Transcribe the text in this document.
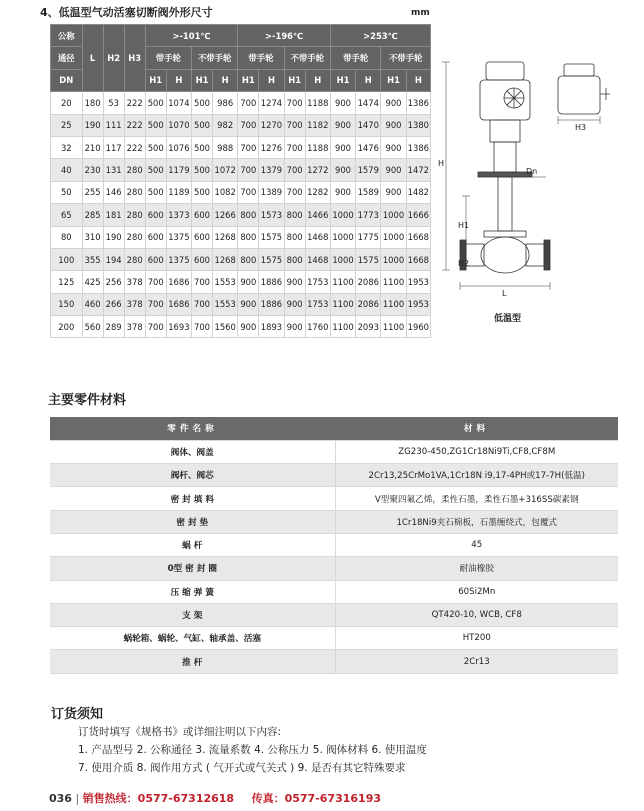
4、低温型气动活塞切断阀外形尺寸	mm
公称	L	H2	H3	>-101℃				>-196℃				>253℃			
通径				带手轮		不带手轮		带手轮		不带手轮		带手轮		不带手轮	
DN				H1	H	H1	H	H1	H	H1	H	H1	H	H1	H
20	180	53	222	500	1074	500	986	700	1274	700	1188	900	1474	900	1386
25	190	111	222	500	1070	500	982	700	1270	700	1182	900	1470	900	1380
32	210	117	222	500	1076	500	988	700	1276	700	1188	900	1476	900	1386
40	230	131	280	500	1179	500	1072	700	1379	700	1272	900	1579	900	1472
50	255	146	280	500	1189	500	1082	700	1389	700	1282	900	1589	900	1482
65	285	181	280	600	1373	600	1266	800	1573	800	1466	1000	1773	1000	1666
80	310	190	280	600	1375	600	1268	800	1575	800	1468	1000	1775	1000	1668
100	355	194	280	600	1375	600	1268	800	1575	800	1468	1000	1575	1000	1668
125	425	256	378	700	1686	700	1553	900	1886	900	1753	1100	2086	1100	1953
150	460	266	378	700	1686	700	1553	900	1886	900	1753	1100	2086	1100	1953
200	560	289	378	700	1693	700	1560	900	1893	900	1760	1100	2093	1100	1960
H
H1
H2
H3
Dn
L
低温型
主要零件材料
零件名称	材料
阀体、阀盖	ZG230-450,ZG1Cr18Ni9Ti,CF8,CF8M
阀杆、阀芯	2Cr13,25CrMo1VA,1Cr18N i9,17-4PH或17-7H(低温)
密 封 填 料	V型聚四氟乙烯，柔性石墨，柔性石墨+316SS碳素钢
密 封 垫	1Cr18Ni9夹石棉板，石墨缠绕式，包覆式
蜗 杆	45
0型 密 封 圈	耐油橡胶
压 缩 弹 簧	60Si2Mn
支 架	QT420-10, WCB, CF8
蜗轮箱、蜗轮、气缸、轴承盖、活塞	HT200
推 杆	2Cr13
订货须知
订货时填写《规格书》或详细注明以下内容:
1. 产品型号 2. 公称通径 3. 流量系数 4. 公称压力 5. 阀体材料 6. 使用温度
7. 使用介质 8. 阀作用方式 ( 气开式或气关式 ) 9. 是否有其它特殊要求
036 | 销售热线：0577-67312618 传真：0577-67316193
